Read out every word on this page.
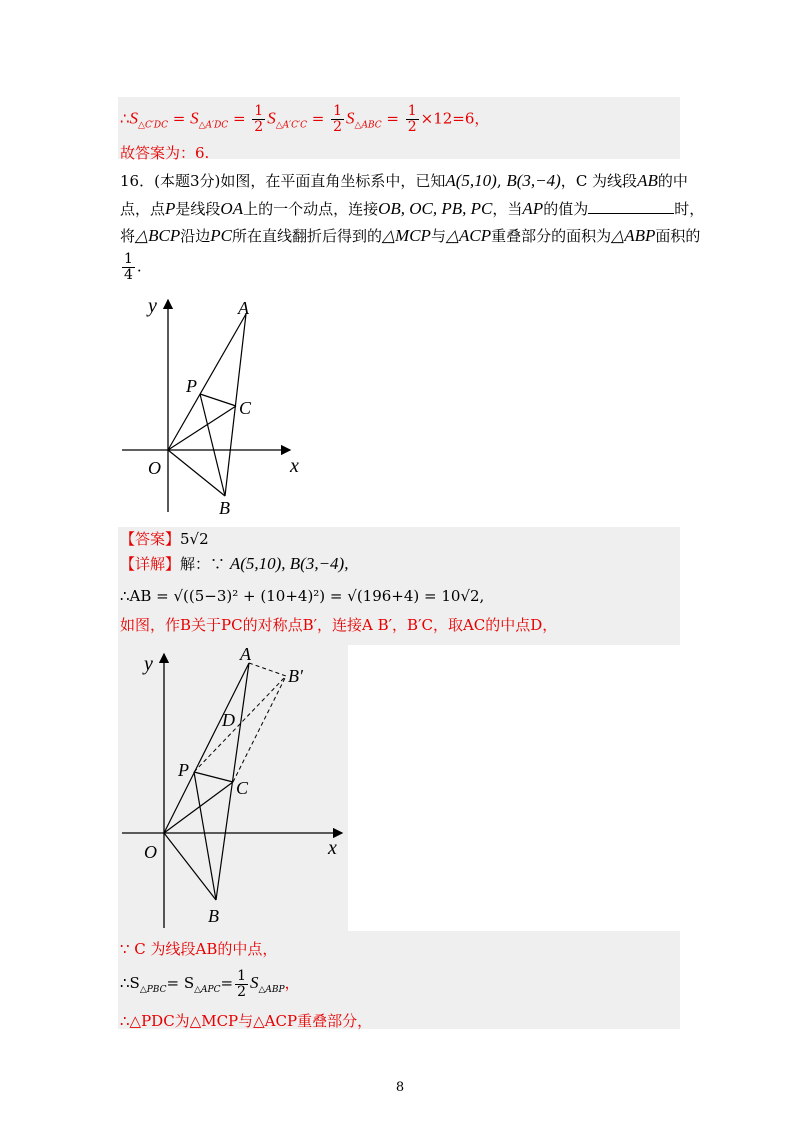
$\therefore S_{\triangle C'DC} = S_{\triangle A'DC} = \frac{1}{2} S_{\triangle A'C'C} = \frac{1}{2} S_{\triangle ABC} = \frac{1}{2} \times 12=6$，
故答案为：6.
16．(本题3分)如图，在平面直角坐标系中，已知A(5,10), B(3,−4)，C 为线段AB的中
点，点P是线段OA上的一个动点，连接OB, OC, PB, PC，当AP的值为	时，
将△BCP沿边PC所在直线翻折后得到的△MCP与△ACP重叠部分的面积为△ABP面积的
$\frac{1}{4}$ .
y	A
P
C
O	x
B
【答案】5√2
【详解】解：∵ A(5,10), B(3,−4),
∴AB = √((5−3)² + (10+4)²) = √(196+4) = 10√2,
如图，作B关于PC的对称点B′，连接A B′，B′C，取AC的中点D，
y	A
B′
D
P
C
O	x
B
∵ C 为线段AB的中点，
$\therefore S_{\triangle PBC}= S_{\triangle APC}= \frac{1}{2} S_{\triangle ABP}$，
∴△PDC为△MCP与△ACP重叠部分，
8
